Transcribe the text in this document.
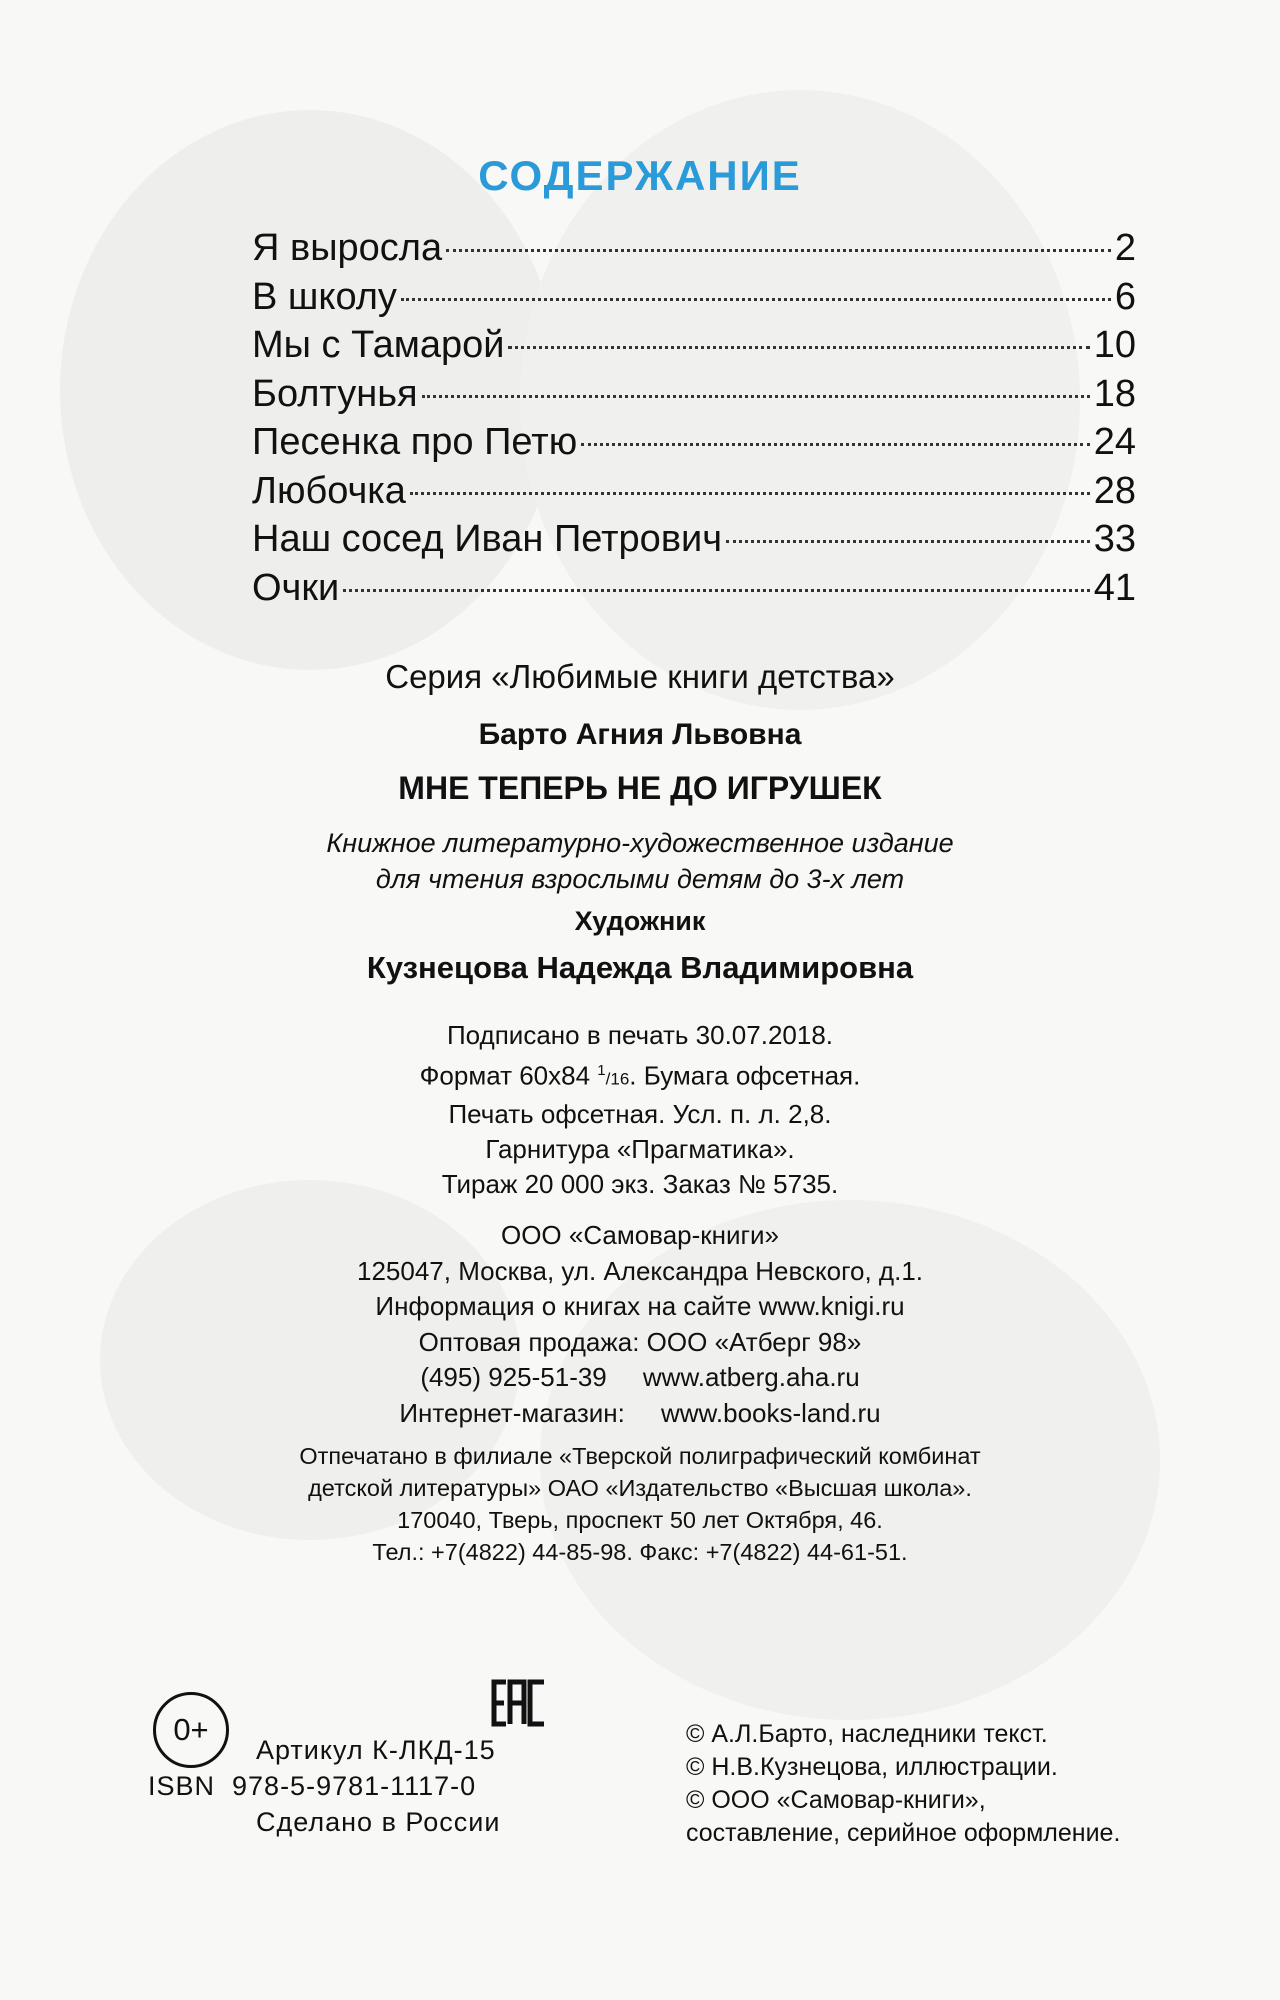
СОДЕРЖАНИЕ
Я выросла	2
В школу	6
Мы с Тамарой	10
Болтунья	18
Песенка про Петю	24
Любочка	28
Наш сосед Иван Петрович	33
Очки	41
Серия «Любимые книги детства»
Барто Агния Львовна
МНЕ ТЕПЕРЬ НЕ ДО ИГРУШЕК
Книжное литературно-художественное издание
для чтения взрослыми детям до 3-х лет
Художник
Кузнецова Надежда Владимировна
Подписано в печать 30.07.2018.
Формат 60x84 $^1$/16. Бумага офсетная.
Печать офсетная. Усл. п. л. 2,8.
Гарнитура «Прагматика».
Тираж 20 000 экз. Заказ № 5735.
ООО «Самовар-книги»
125047, Москва, ул. Александра Невского, д.1.
Информация о книгах на сайте www.knigi.ru
Оптовая продажа: ООО «Атберг 98»
(495) 925-51-39     www.atberg.aha.ru
Интернет-магазин:     www.books-land.ru
Отпечатано в филиале «Тверской полиграфический комбинат
детской литературы» ОАО «Издательство «Высшая школа».
170040, Тверь, проспект 50 лет Октября, 46.
Тел.: +7(4822) 44-85-98. Факс: +7(4822) 44-61-51.
0+
Артикул К-ЛКД-15
ISBN  978-5-9781-1117-0
Сделано в России
© А.Л.Барто, наследники текст.
© Н.В.Кузнецова, иллюстрации.
© ООО «Самовар-книги»,
составление, серийное оформление.
